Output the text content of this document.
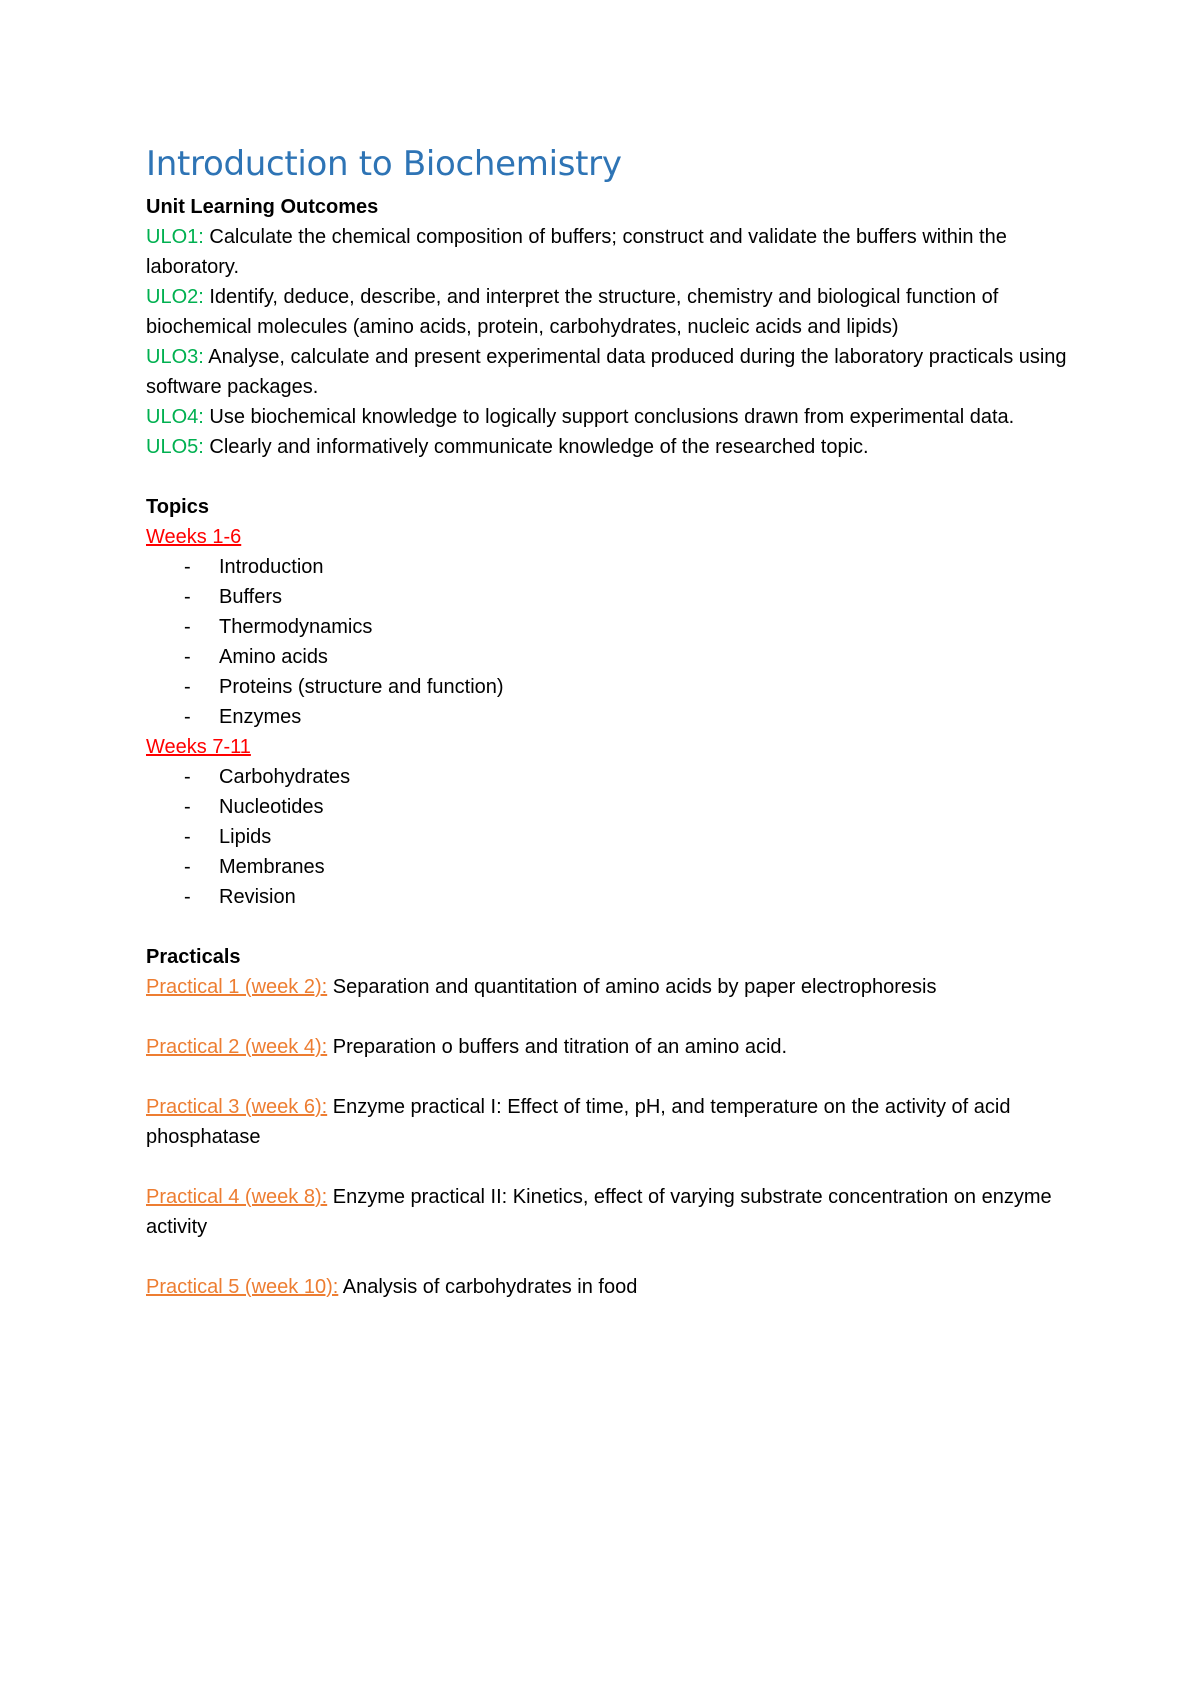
Introduction to Biochemistry

Unit Learning Outcomes

ULO1: Calculate the chemical composition of buffers; construct and validate the buffers within the laboratory.

ULO2: Identify, deduce, describe, and interpret the structure, chemistry and biological function of biochemical molecules (amino acids, protein, carbohydrates, nucleic acids and lipids)

ULO3: Analyse, calculate and present experimental data produced during the laboratory practicals using software packages.

ULO4: Use biochemical knowledge to logically support conclusions drawn from experimental data.

ULO5: Clearly and informatively communicate knowledge of the researched topic.

Topics

Weeks 1-6

- Introduction
- Buffers
- Thermodynamics
- Amino acids
- Proteins (structure and function)
- Enzymes

Weeks 7-11

- Carbohydrates
- Nucleotides
- Lipids
- Membranes
- Revision

Practicals

Practical 1 (week 2): Separation and quantitation of amino acids by paper electrophoresis

Practical 2 (week 4): Preparation o buffers and titration of an amino acid.

Practical 3 (week 6): Enzyme practical I: Effect of time, pH, and temperature on the activity of acid phosphatase

Practical 4 (week 8): Enzyme practical II: Kinetics, effect of varying substrate concentration on enzyme activity

Practical 5 (week 10): Analysis of carbohydrates in food
